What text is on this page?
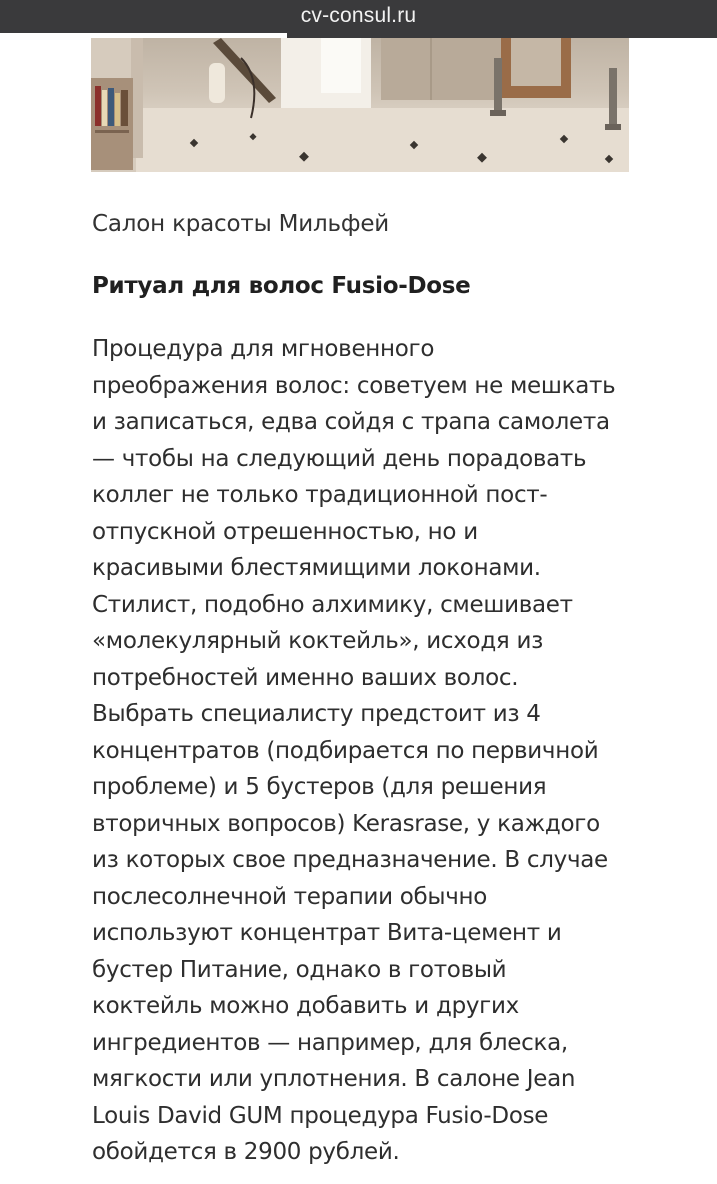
cv-consul.ru
Салон красоты Мильфей
Ритуал для волос Fusio-Dose
Процедура для мгновенного
преображения волос: советуем не мешкать
и записаться, едва сойдя с трапа самолета
— чтобы на следующий день порадовать
коллег не только традиционной пост-
отпускной отрешенностью, но и
красивыми блестямищими локонами.
Стилист, подобно алхимику, смешивает
«молекулярный коктейль», исходя из
потребностей именно ваших волос.
Выбрать специалисту предстоит из 4
концентратов (подбирается по первичной
проблеме) и 5 бустеров (для решения
вторичных вопросов) Kerasrase, у каждого
из которых свое предназначение. В случае
послесолнечной терапии обычно
используют концентрат Вита-цемент и
бустер Питание, однако в готовый
коктейль можно добавить и других
ингредиентов — например, для блеска,
мягкости или уплотнения. В салоне Jean
Louis David GUM процедура Fusio-Dose
обойдется в 2900 рублей.
